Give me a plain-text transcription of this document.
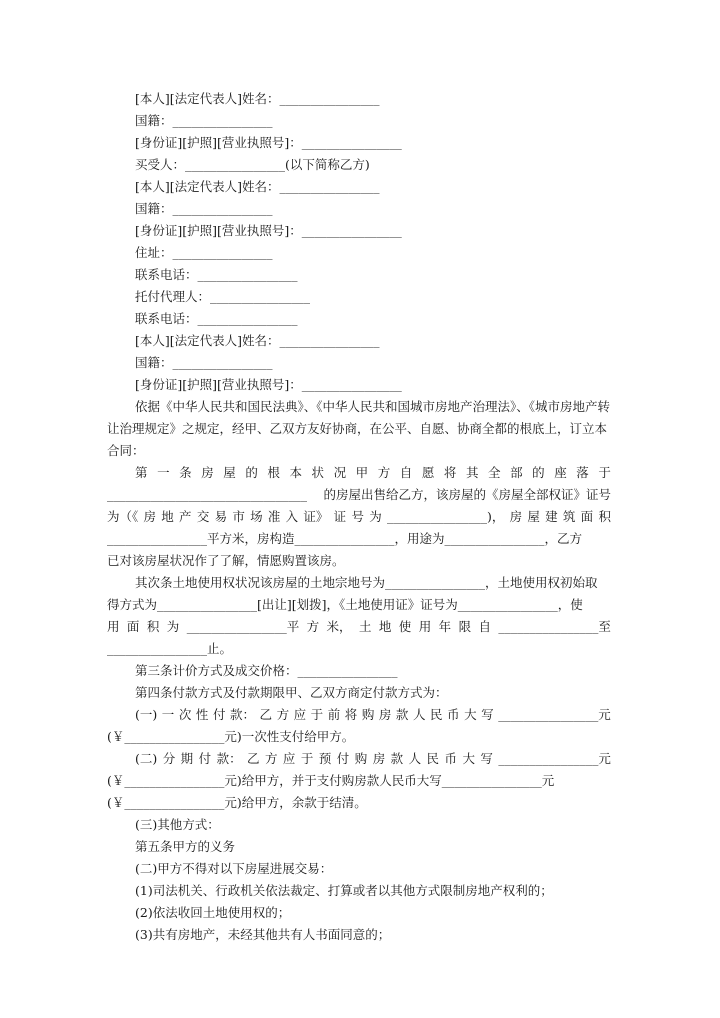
[本人][法定代表人]姓名：________________
国籍：________________
[身份证][护照][营业执照号]：________________
买受人：________________(以下简称乙方)
[本人][法定代表人]姓名：________________
国籍：________________
[身份证][护照][营业执照号]：________________
住址：________________
联系电话：________________
托付代理人：________________
联系电话：________________
[本人][法定代表人]姓名：________________
国籍：________________
[身份证][护照][营业执照号]：________________
依据《中华人民共和国民法典》、《中华人民共和国城市房地产治理法》、《城市房地产转
让治理规定》之规定，经甲、乙双方友好协商，在公平、自愿、协商全都的根底上，订立本
合同：
第 一 条 房 屋 的 根 本 状 况 甲 方 自 愿 将 其 全 部 的 座 落 于
________________________________ 的房屋出售给乙方，该房屋的《房屋全部权证》证号
为（《 房 地 产 交 易 市 场 准 入 证》 证 号 为 ________________)， 房 屋 建 筑 面 积
________________平方米，房构造________________，用途为________________，乙方
已对该房屋状况作了了解，情愿购置该房。
其次条土地使用权状况该房屋的土地宗地号为________________，土地使用权初始取
得方式为________________[出让][划拨]，《土地使用证》证号为________________，使
用 面 积 为 ________________平 方 米， 土 地 使 用 年 限 自 ________________至
________________止。
第三条计价方式及成交价格：________________
第四条付款方式及付款期限甲、乙双方商定付款方式为：
(一) 一 次 性 付 款： 乙 方 应 于 前 将 购 房 款 人 民 币 大 写 ________________元
(￥________________元)一次性支付给甲方。
(二) 分 期 付 款： 乙 方 应 于 预 付 购 房 款 人 民 币 大 写 ________________元
(￥________________元)给甲方，并于支付购房款人民币大写________________元
(￥________________元)给甲方，余款于结清。
(三)其他方式：
第五条甲方的义务
(二)甲方不得对以下房屋进展交易：
(1)司法机关、行政机关依法裁定、打算或者以其他方式限制房地产权利的；
(2)依法收回土地使用权的；
(3)共有房地产，未经其他共有人书面同意的；
